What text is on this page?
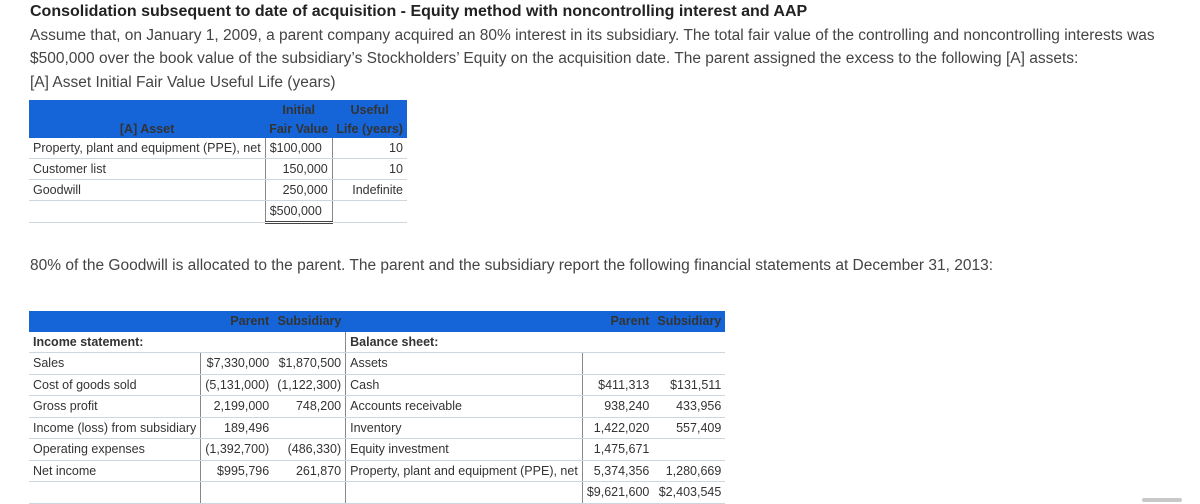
Consolidation subsequent to date of acquisition - Equity method with noncontrolling interest and AAP
Assume that, on January 1, 2009, a parent company acquired an 80% interest in its subsidiary. The total fair value of the controlling and noncontrolling interests was $500,000 over the book value of the subsidiary’s Stockholders’ Equity on the acquisition date. The parent assigned the excess to the following [A] assets:
[A] Asset Initial Fair Value Useful Life (years)
	Initial	Useful
[A] Asset	Fair Value	Life (years)
Property, plant and equipment (PPE), net	$100,000	10
Customer list	150,000	10
Goodwill	250,000	Indefinite
	$500,000	
80% of the Goodwill is allocated to the parent. The parent and the subsidiary report the following financial statements at December 31, 2013:
	Parent	Subsidiary		Parent	Subsidiary
Income statement:			Balance sheet:		
Sales	$7,330,000	$1,870,500	Assets		
Cost of goods sold	(5,131,000)	(1,122,300)	Cash	$411,313	$131,511
Gross profit	2,199,000	748,200	Accounts receivable	938,240	433,956
Income (loss) from subsidiary	189,496		Inventory	1,422,020	557,409
Operating expenses	(1,392,700)	(486,330)	Equity investment	1,475,671	
Net income	$995,796	261,870	Property, plant and equipment (PPE), net	5,374,356	1,280,669
				$9,621,600	$2,403,545
